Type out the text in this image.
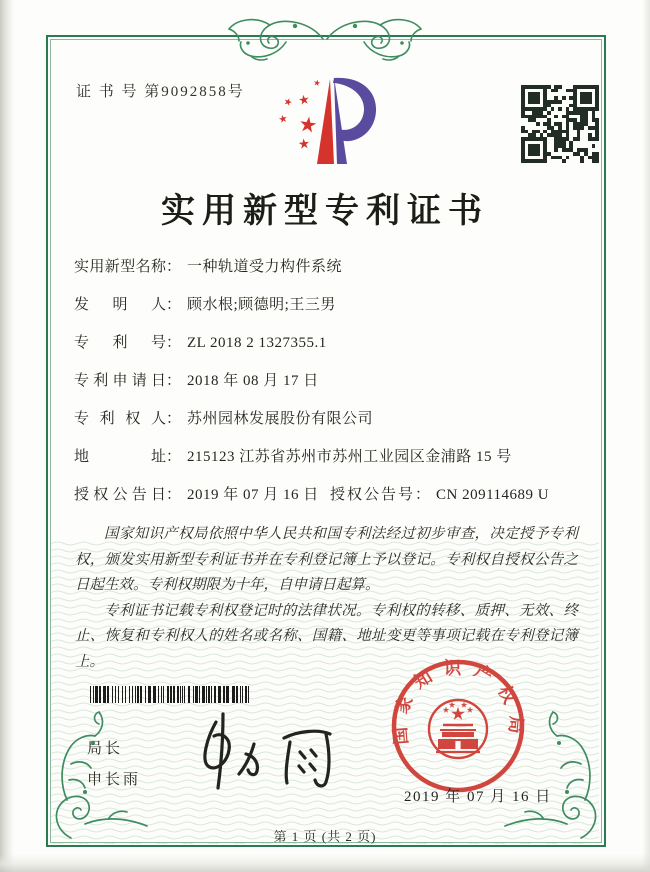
证 书 号 第9092858号
实用新型专利证书
实用新型名称 ： 一种轨道受力构件系统
发明人 ： 顾水根;顾德明;王三男
专利号 ： ZL 2018 2 1327355.1
专利申请日 ： 2018 年 08 月 17 日
专利权人 ： 苏州园林发展股份有限公司
地址 ： 215123 江苏省苏州市苏州工业园区金浦路 15 号
授权公告日 ： 2019 年 07 月 16 日 授权公告号 ： CN 209114689 U

国家知识产权局依照中华人民共和国专利法经过初步审查，决定授予专利权，颁发实用新型专利证书并在专利登记簿上予以登记。专利权自授权公告之日起生效。专利权期限为十年，自申请日起算。

专利证书记载专利权登记时的法律状况。专利权的转移、质押、无效、终止、恢复和专利权人的姓名或名称、国籍、地址变更等事项记载在专利登记簿上。

局长
申长雨
国家知识产权局
2019 年 07 月 16 日
第 1 页 (共 2 页)
